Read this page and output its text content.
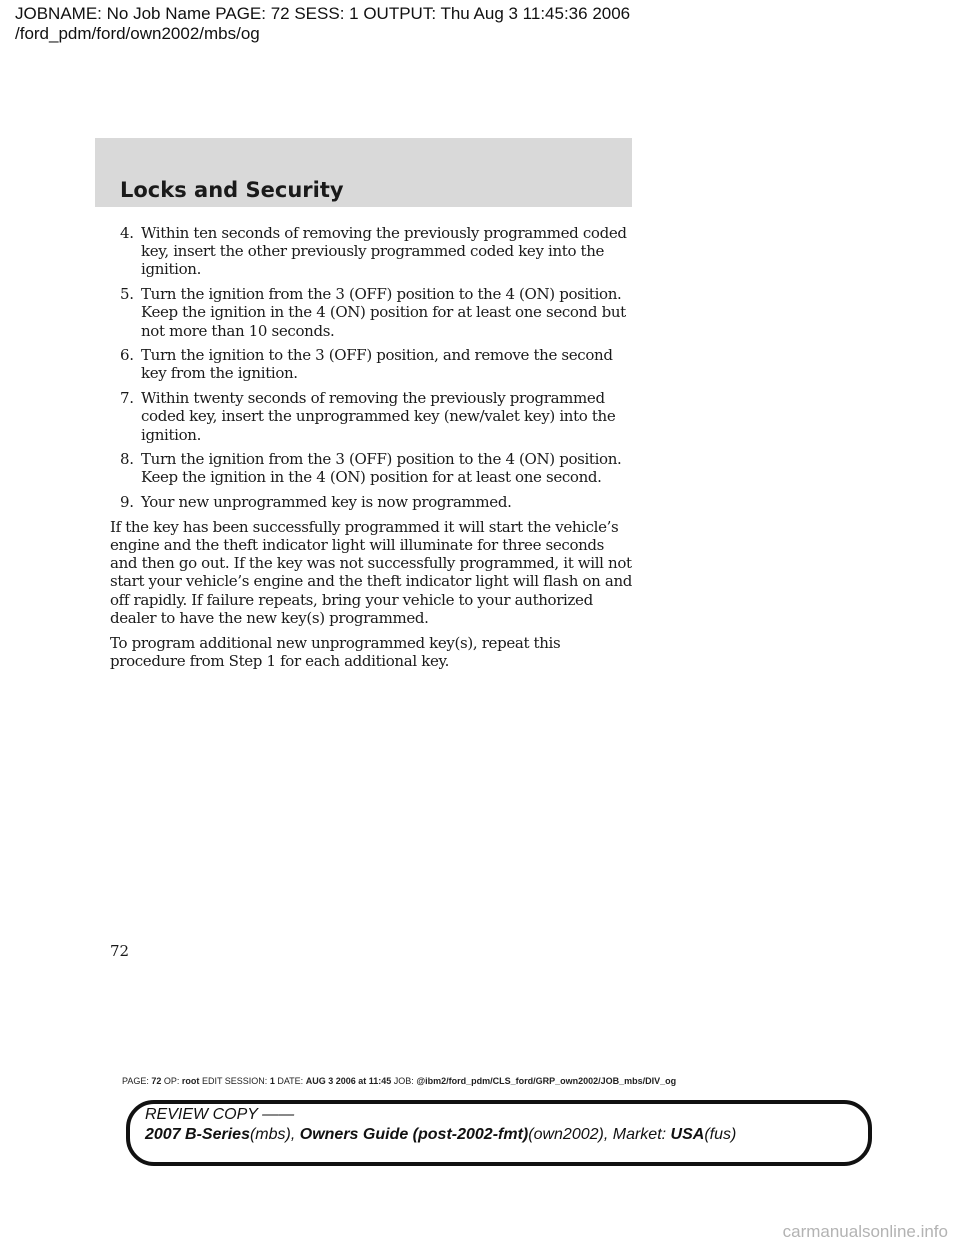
JOBNAME: No Job Name PAGE: 72 SESS: 1 OUTPUT: Thu Aug 3 11:45:36 2006
/ford_pdm/ford/own2002/mbs/og
Locks and Security
4. Within ten seconds of removing the previously programmed coded key, insert the other previously programmed coded key into the ignition.
5. Turn the ignition from the 3 (OFF) position to the 4 (ON) position. Keep the ignition in the 4 (ON) position for at least one second but not more than 10 seconds.
6. Turn the ignition to the 3 (OFF) position, and remove the second key from the ignition.
7. Within twenty seconds of removing the previously programmed coded key, insert the unprogrammed key (new/valet key) into the ignition.
8. Turn the ignition from the 3 (OFF) position to the 4 (ON) position. Keep the ignition in the 4 (ON) position for at least one second.
9. Your new unprogrammed key is now programmed.

If the key has been successfully programmed it will start the vehicle’s engine and the theft indicator light will illuminate for three seconds and then go out. If the key was not successfully programmed, it will not start your vehicle’s engine and the theft indicator light will flash on and off rapidly. If failure repeats, bring your vehicle to your authorized dealer to have the new key(s) programmed.

To program additional new unprogrammed key(s), repeat this procedure from Step 1 for each additional key.

72
PAGE: 72 OP: root EDIT SESSION: 1 DATE: AUG 3 2006 at 11:45 JOB: @ibm2/ford_pdm/CLS_ford/GRP_own2002/JOB_mbs/DIV_og
REVIEW COPY ——
2007 B-Series(mbs), Owners Guide (post-2002-fmt)(own2002), Market: USA(fus)
carmanualsonline.info
